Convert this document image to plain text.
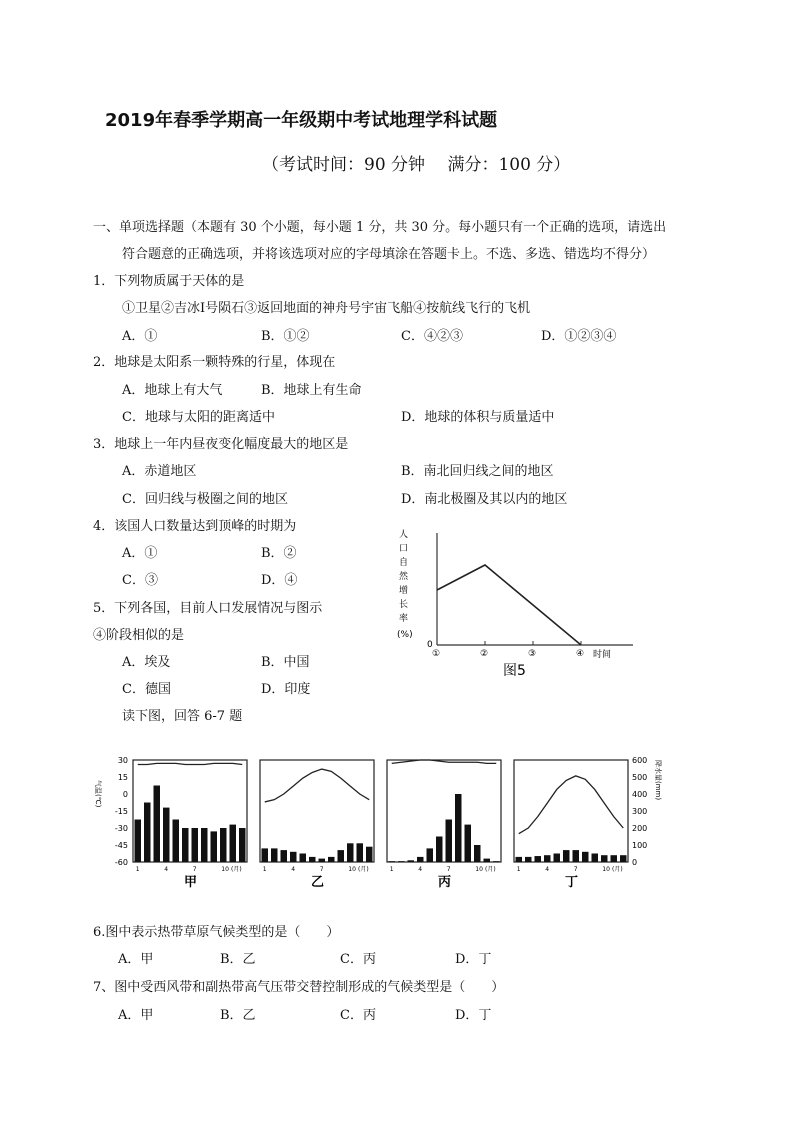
2019年春季学期高一年级期中考试地理学科试题
（考试时间：90 分钟　 满分：100 分）
一、单项选择题（本题有 30 个小题，每小题 1 分，共 30 分。每小题只有一个正确的选项，请选出
符合题意的正确选项，并将该选项对应的字母填涂在答题卡上。不选、多选、错选均不得分）
1．下列物质属于天体的是
①卫星②吉冰Ⅰ号陨石③返回地面的神舟号宇宙飞船④按航线飞行的飞机
A．①	B．①②	C．④②③	D．①②③④
2．地球是太阳系一颗特殊的行星，体现在
A．地球上有大气	B．地球上有生命
C．地球与太阳的距离适中	D．地球的体积与质量适中
3．地球上一年内昼夜变化幅度最大的地区是
A．赤道地区	B．南北回归线之间的地区
C．回归线与极圈之间的地区	D．南北极圈及其以内的地区
4．该国人口数量达到顶峰的时期为
A．①	B．②
C．③	D．④
5．下列各国，目前人口发展情况与图示
④阶段相似的是
A．埃及	B．中国
C．德国	D．印度
读下图，回答 6-7 题
人
口
自
然
增
长
率
(%)
0
①	②	③	④ 时间
图5
气温(℃)
30
15
0
-15
-30
-45
-60
600
500
400
300
200
100
0
降水量(mm)
1	4	7	10 (月)
甲
1	4	7	10 (月)
乙
1	4	7	10 (月)
丙
1	4	7	10 (月)
丁
6.图中表示热带草原气候类型的是（　　）
A．甲	B．乙	C．丙	D．丁
7、图中受西风带和副热带高气压带交替控制形成的气候类型是（　　）
A．甲	B．乙	C．丙	D．丁
